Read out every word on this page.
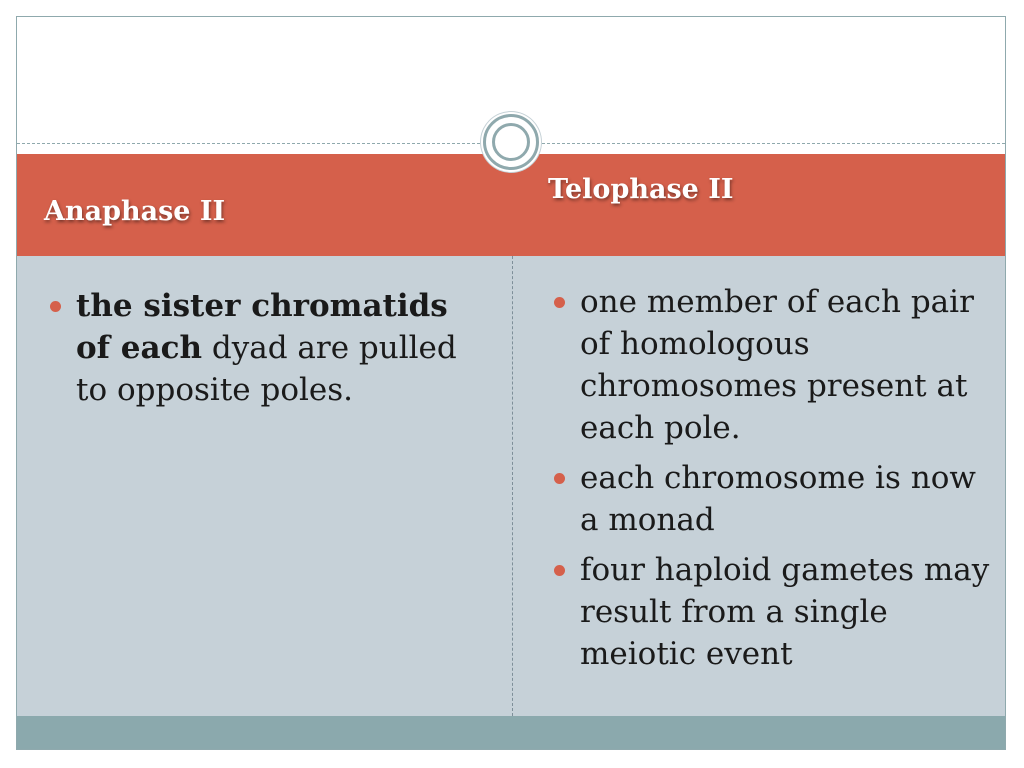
Anaphase II
Telophase II
the sister chromatids of each dyad are pulled to opposite poles.
one member of each pair of homologous chromosomes present at each pole.
each chromosome is now a monad
four haploid gametes may result from a single meiotic event
